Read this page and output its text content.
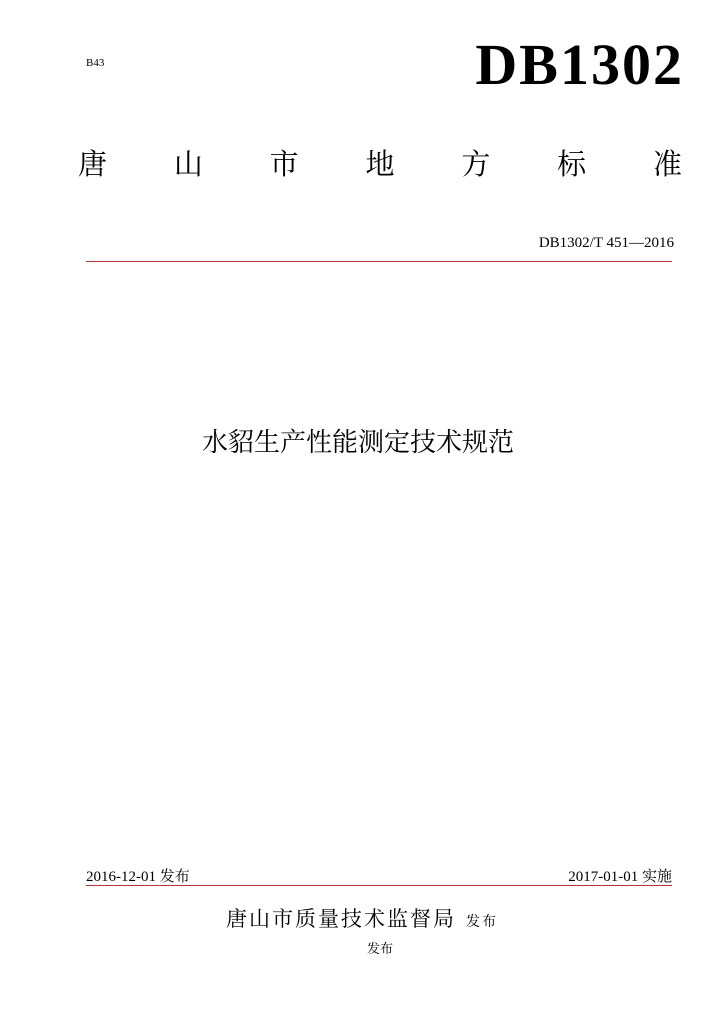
B43	DB1302
唐 山 市 地 方 标 准
DB1302/T 451—2016
水貂生产性能测定技术规范
2016-12-01 发布	2017-01-01 实施
唐山市质量技术监督局 发布
发布
